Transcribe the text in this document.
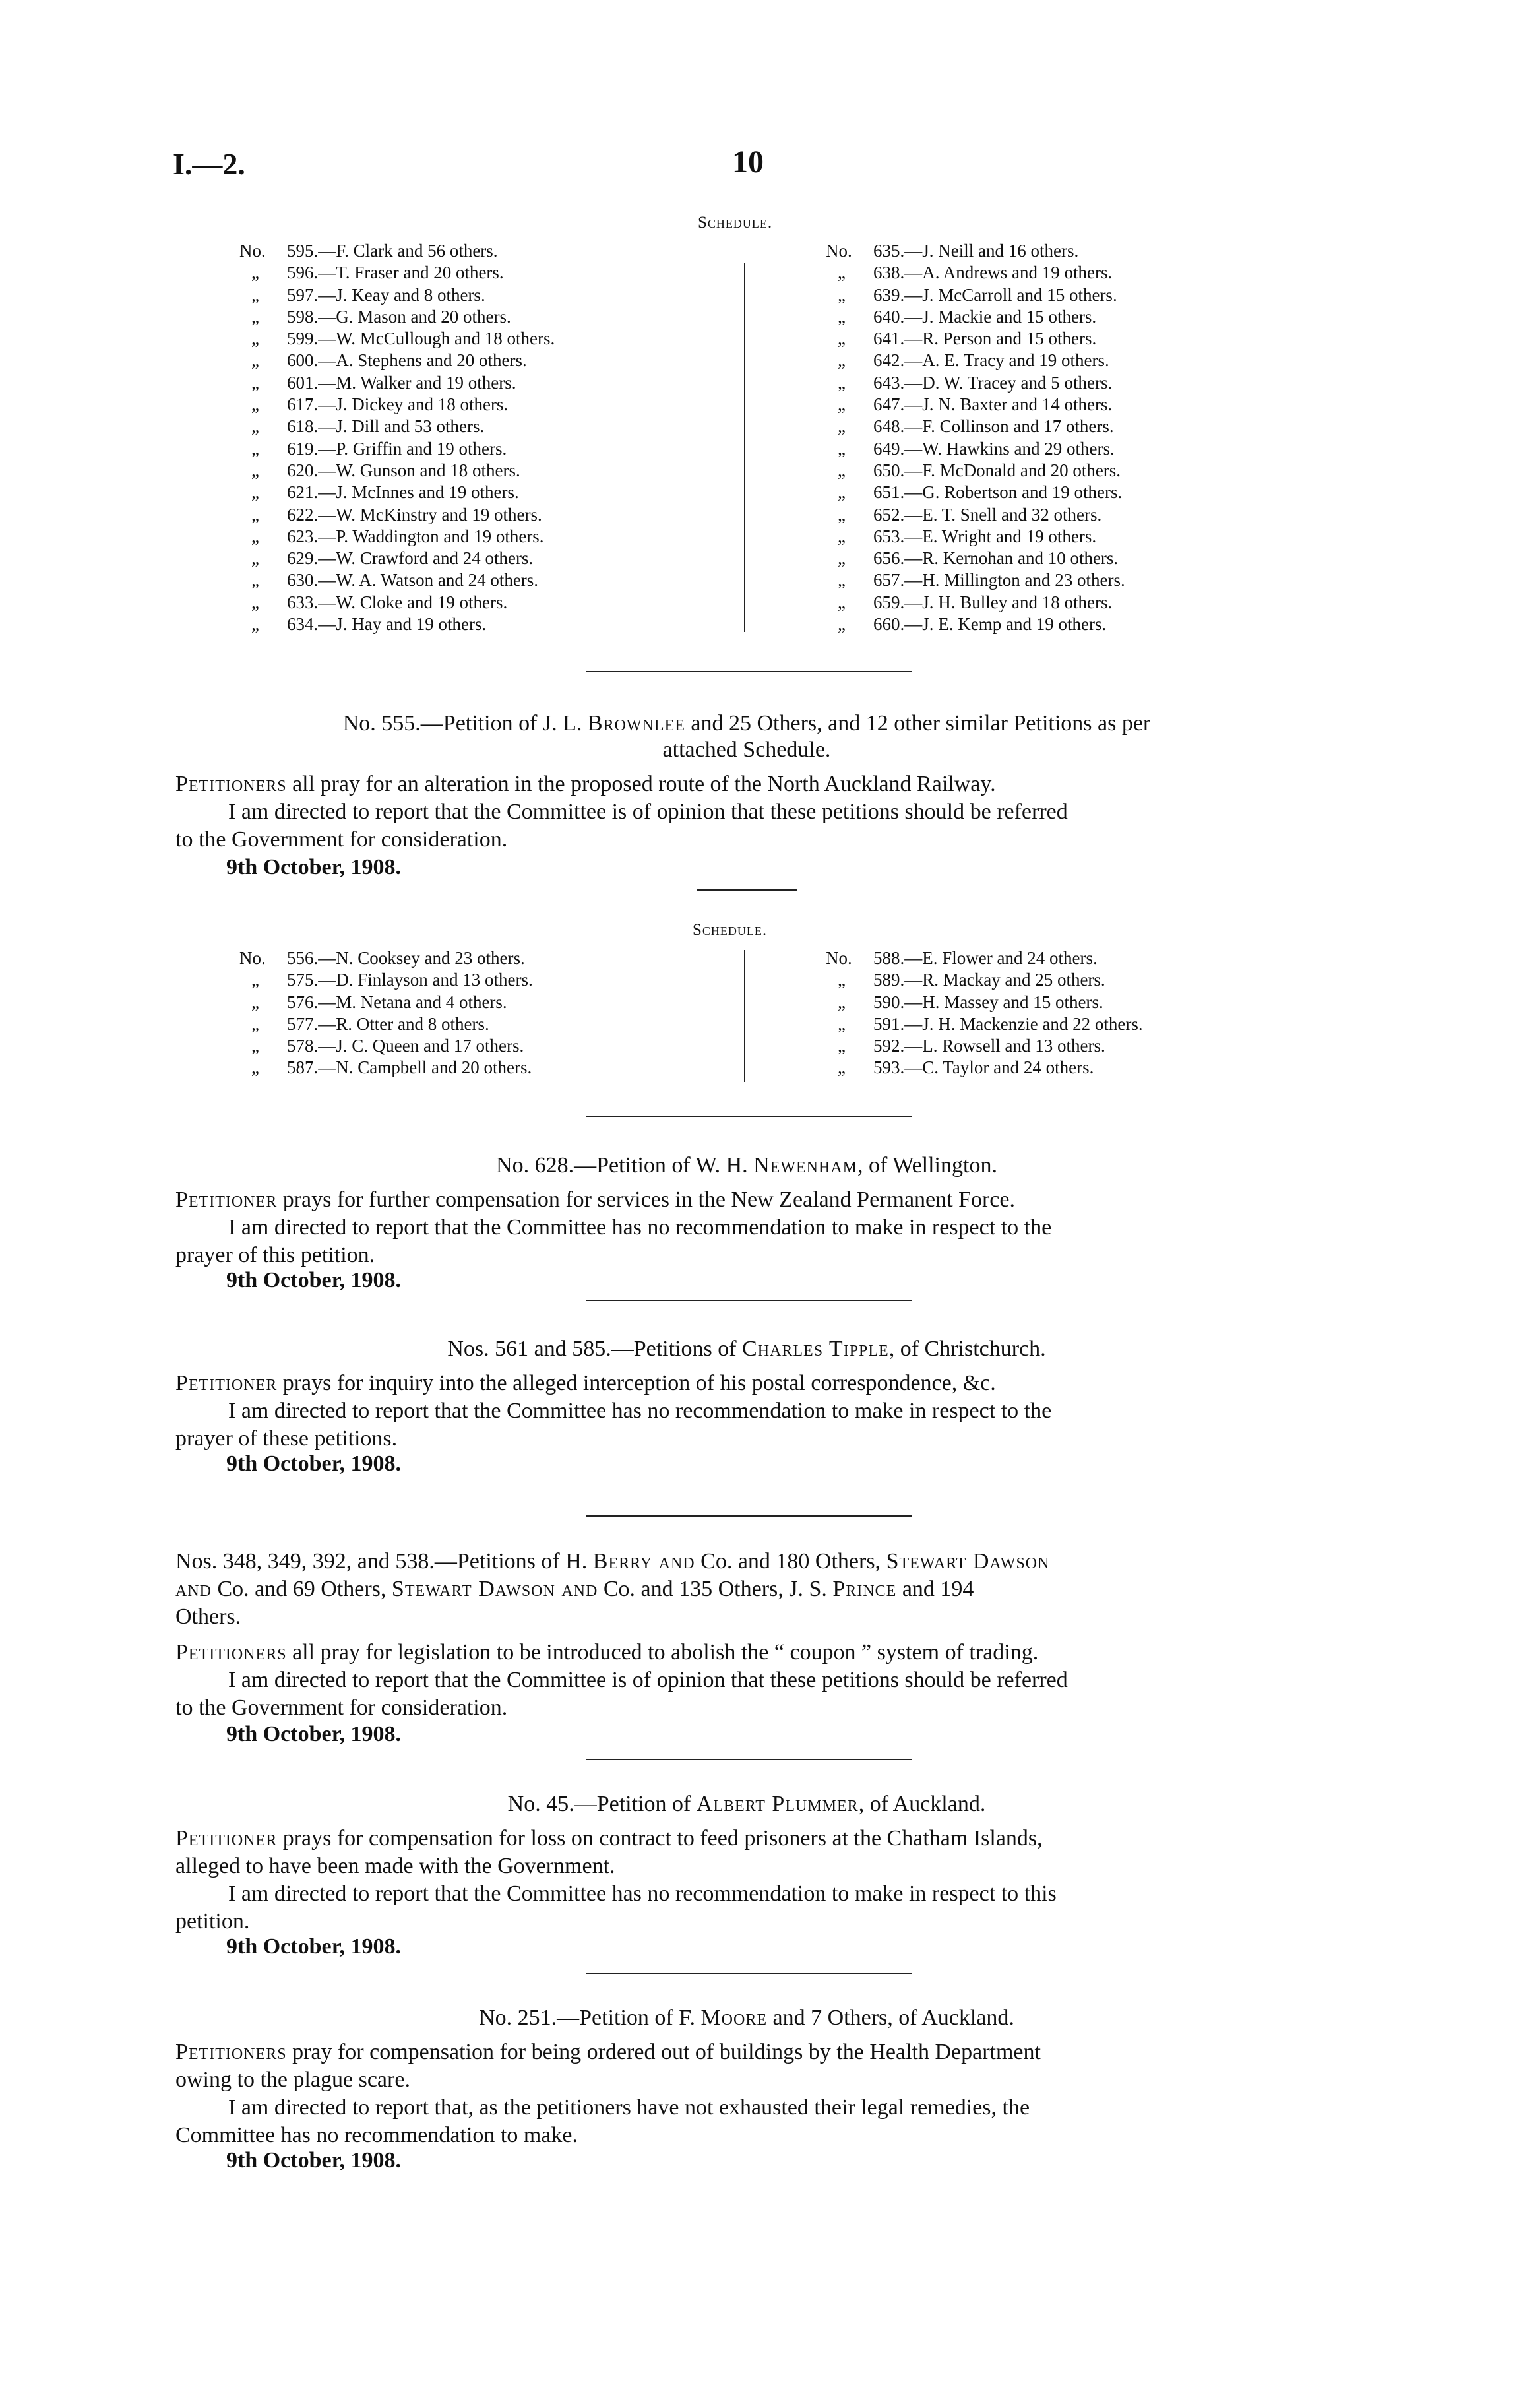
I.—2.	10
Schedule.
No. 595.—F. Clark and 56 others.
„ 596.—T. Fraser and 20 others.
„ 597.—J. Keay and 8 others.
„ 598.—G. Mason and 20 others.
„ 599.—W. McCullough and 18 others.
„ 600.—A. Stephens and 20 others.
„ 601.—M. Walker and 19 others.
„ 617.—J. Dickey and 18 others.
„ 618.—J. Dill and 53 others.
„ 619.—P. Griffin and 19 others.
„ 620.—W. Gunson and 18 others.
„ 621.—J. McInnes and 19 others.
„ 622.—W. McKinstry and 19 others.
„ 623.—P. Waddington and 19 others.
„ 629.—W. Crawford and 24 others.
„ 630.—W. A. Watson and 24 others.
„ 633.—W. Cloke and 19 others.
„ 634.—J. Hay and 19 others.
No. 635.—J. Neill and 16 others.
„ 638.—A. Andrews and 19 others.
„ 639.—J. McCarroll and 15 others.
„ 640.—J. Mackie and 15 others.
„ 641.—R. Person and 15 others.
„ 642.—A. E. Tracy and 19 others.
„ 643.—D. W. Tracey and 5 others.
„ 647.—J. N. Baxter and 14 others.
„ 648.—F. Collinson and 17 others.
„ 649.—W. Hawkins and 29 others.
„ 650.—F. McDonald and 20 others.
„ 651.—G. Robertson and 19 others.
„ 652.—E. T. Snell and 32 others.
„ 653.—E. Wright and 19 others.
„ 656.—R. Kernohan and 10 others.
„ 657.—H. Millington and 23 others.
„ 659.—J. H. Bulley and 18 others.
„ 660.—J. E. Kemp and 19 others.
No. 555.—Petition of J. L. Brownlee and 25 Others, and 12 other similar Petitions as per
attached Schedule.
Petitioners all pray for an alteration in the proposed route of the North Auckland Railway.
I am directed to report that the Committee is of opinion that these petitions should be referred
to the Government for consideration.
9th October, 1908.
Schedule.
No. 556.—N. Cooksey and 23 others.
„ 575.—D. Finlayson and 13 others.
„ 576.—M. Netana and 4 others.
„ 577.—R. Otter and 8 others.
„ 578.—J. C. Queen and 17 others.
„ 587.—N. Campbell and 20 others.
No. 588.—E. Flower and 24 others.
„ 589.—R. Mackay and 25 others.
„ 590.—H. Massey and 15 others.
„ 591.—J. H. Mackenzie and 22 others.
„ 592.—L. Rowsell and 13 others.
„ 593.—C. Taylor and 24 others.
No. 628.—Petition of W. H. Newenham, of Wellington.
Petitioner prays for further compensation for services in the New Zealand Permanent Force.
I am directed to report that the Committee has no recommendation to make in respect to the
prayer of this petition.
9th October, 1908.
Nos. 561 and 585.—Petitions of Charles Tipple, of Christchurch.
Petitioner prays for inquiry into the alleged interception of his postal correspondence, &c.
I am directed to report that the Committee has no recommendation to make in respect to the
prayer of these petitions.
9th October, 1908.
Nos. 348, 349, 392, and 538.—Petitions of H. Berry and Co. and 180 Others, Stewart Dawson
and Co. and 69 Others, Stewart Dawson and Co. and 135 Others, J. S. Prince and 194
Others.
Petitioners all pray for legislation to be introduced to abolish the “ coupon ” system of trading.
I am directed to report that the Committee is of opinion that these petitions should be referred
to the Government for consideration.
9th October, 1908.
No. 45.—Petition of Albert Plummer, of Auckland.
Petitioner prays for compensation for loss on contract to feed prisoners at the Chatham Islands,
alleged to have been made with the Government.
I am directed to report that the Committee has no recommendation to make in respect to this
petition.
9th October, 1908.
No. 251.—Petition of F. Moore and 7 Others, of Auckland.
Petitioners pray for compensation for being ordered out of buildings by the Health Department
owing to the plague scare.
I am directed to report that, as the petitioners have not exhausted their legal remedies, the
Committee has no recommendation to make.
9th October, 1908.
